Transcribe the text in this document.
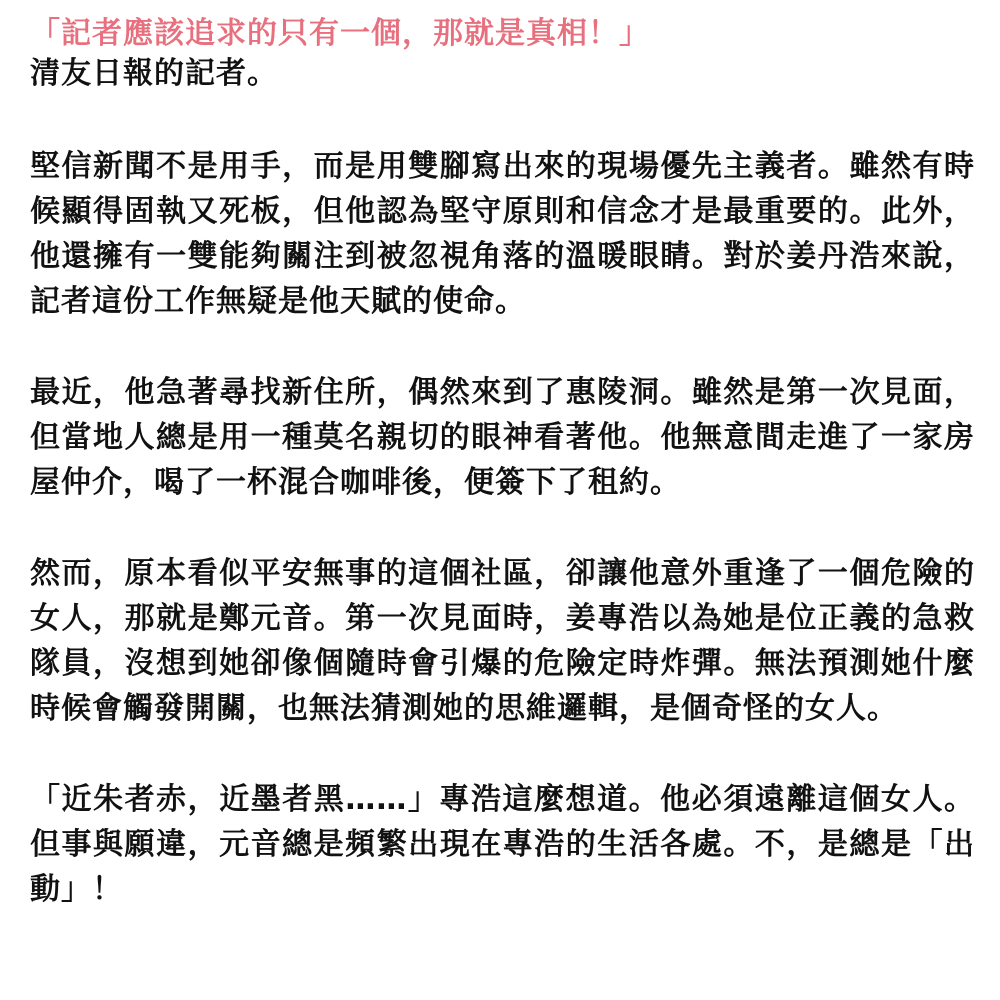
「記者應該追求的只有一個，那就是真相！」

清友日報的記者。

堅信新聞不是用手，而是用雙腳寫出來的現場優先主義者。雖然有時候顯得固執又死板，但他認為堅守原則和信念才是最重要的。此外，他還擁有一雙能夠關注到被忽視角落的溫暖眼睛。對於姜丹浩來說，記者這份工作無疑是他天賦的使命。

最近，他急著尋找新住所，偶然來到了惠陵洞。雖然是第一次見面，但當地人總是用一種莫名親切的眼神看著他。他無意間走進了一家房屋仲介，喝了一杯混合咖啡後，便簽下了租約。

然而，原本看似平安無事的這個社區，卻讓他意外重逢了一個危險的女人，那就是鄭元音。第一次見面時，姜專浩以為她是位正義的急救隊員，沒想到她卻像個隨時會引爆的危險定時炸彈。無法預測她什麼時候會觸發開關，也無法猜測她的思維邏輯，是個奇怪的女人。

「近朱者赤，近墨者黑……」專浩這麼想道。他必須遠離這個女人。但事與願違，元音總是頻繁出現在專浩的生活各處。不，是總是「出動」！
